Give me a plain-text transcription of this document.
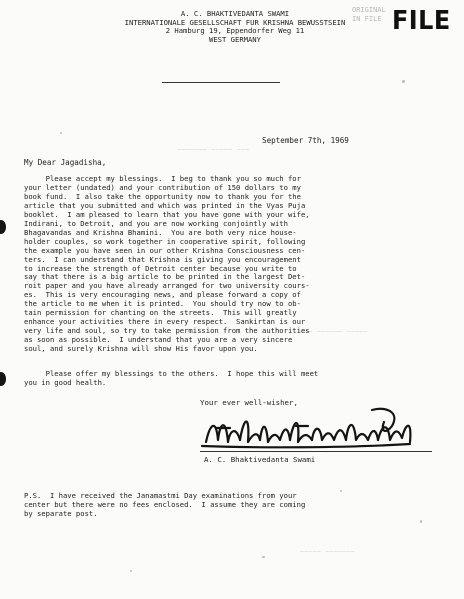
~~~~~~~ ~~~~~ ~~~
~~~ ~~~~~~ ~~~~~
~~~~~ ~~~~~~~
ORIGINAL
IN FILE FILE
A. C. BHAKTIVEDANTA SWAMI
INTERNATIONALE GESELLSCHAFT FUR KRISHNA BEWUSSTSEIN
2 Hamburg 19, Eppendorfer Weg 11
WEST GERMANY
September 7th, 1969
My Dear Jagadisha,

Please accept my blessings.  I beg to thank you so much for

your letter (undated) and your contribution of 150 dollars to my

book fund.  I also take the opportunity now to thank you for the

article that you submitted and which was printed in the Vyas Puja

booklet.  I am pleased to learn that you have gone with your wife,

Indirani, to Detroit, and you are now working conjointly with

Bhagavandas and Krishna Bhamini.  You are both very nice house-

holder couples, so work together in cooperative spirit, following

the example you have seen in our other Krishna Consciousness cen-

ters.  I can understand that Krishna is giving you encouragement

to increase the strength of Detroit center because you write to

say that there is a big article to be printed in the largest Det-

roit paper and you have already arranged for two university cours-

es.  This is very encouraging news, and please forward a copy of

the article to me when it is printed.  You should try now to ob-

tain permission for chanting on the streets.  This will greatly

enhance your activities there in every respect.  Sankirtan is our

very life and soul, so try to take permission from the authorities

as soon as possible.  I understand that you are a very sincere

soul, and surely Krishna will show His favor upon you.

Please offer my blessings to the others.  I hope this will meet
you in good health.
Your ever well-wisher,
A. C. Bhaktivedanta Swami
P.S.  I have received the Janamastmi Day examinations from your
center but there were no fees enclosed.  I assume they are coming
by separate post.
